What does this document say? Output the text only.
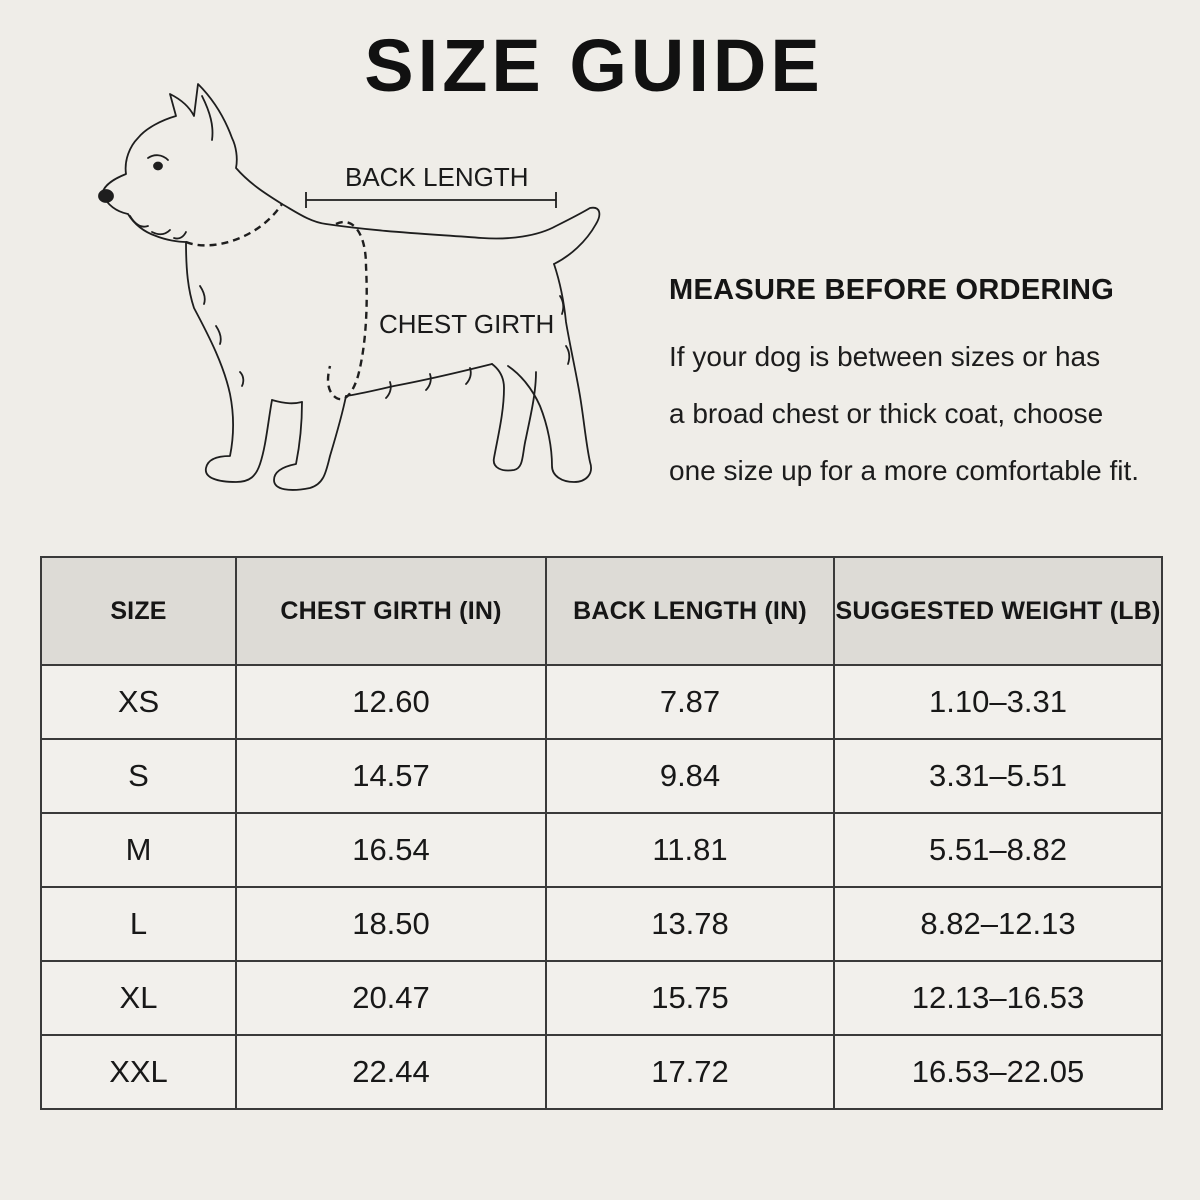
SIZE GUIDE
BACK LENGTH
CHEST GIRTH

MEASURE BEFORE ORDERING

If your dog is between sizes or has
a broad chest or thick coat, choose
one size up for a more comfortable fit.

SIZE	CHEST GIRTH (IN)	BACK LENGTH (IN)	SUGGESTED WEIGHT (LB)
XS	12.60	7.87	1.10–3.31
S	14.57	9.84	3.31–5.51
M	16.54	11.81	5.51–8.82
L	18.50	13.78	8.82–12.13
XL	20.47	15.75	12.13–16.53
XXL	22.44	17.72	16.53–22.05
